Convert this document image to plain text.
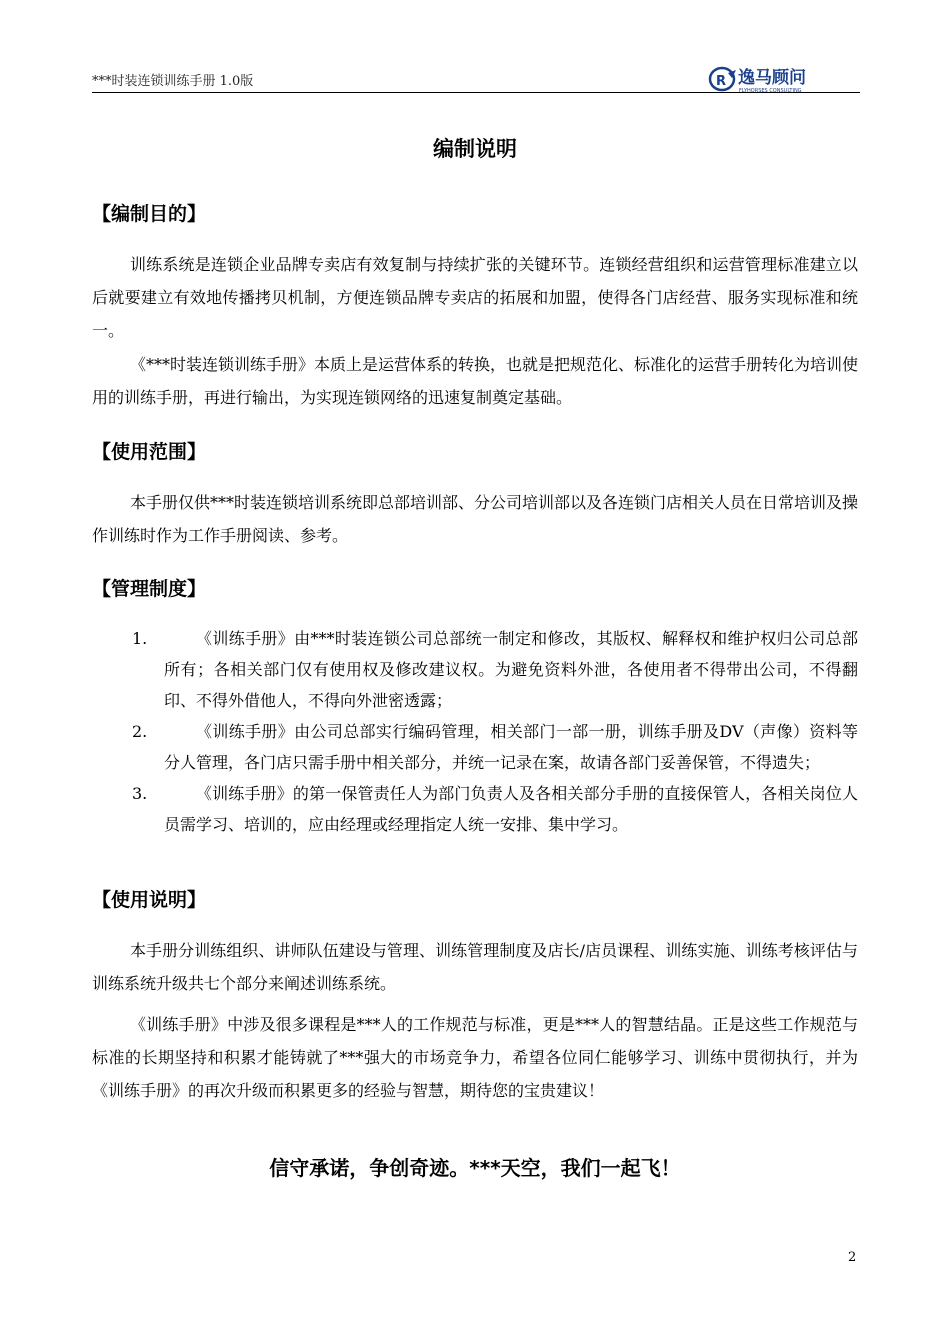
***时装连锁训练手册 1.0版	R 逸马顾问
FLYHORSES CONSULTING
编制说明
【编制目的】
训练系统是连锁企业品牌专卖店有效复制与持续扩张的关键环节。连锁经营组织和运营管理标准建立以后就要建立有效地传播拷贝机制，方便连锁品牌专卖店的拓展和加盟，使得各门店经营、服务实现标准和统一。
《***时装连锁训练手册》本质上是运营体系的转换，也就是把规范化、标准化的运营手册转化为培训使用的训练手册，再进行输出，为实现连锁网络的迅速复制奠定基础。
【使用范围】
本手册仅供***时装连锁培训系统即总部培训部、分公司培训部以及各连锁门店相关人员在日常培训及操作训练时作为工作手册阅读、参考。
【管理制度】
1.	《训练手册》由***时装连锁公司总部统一制定和修改，其版权、解释权和维护权归公司总部所有；各相关部门仅有使用权及修改建议权。为避免资料外泄，各使用者不得带出公司，不得翻印、不得外借他人，不得向外泄密透露；
2.	《训练手册》由公司总部实行编码管理，相关部门一部一册，训练手册及DV（声像）资料等分人管理，各门店只需手册中相关部分，并统一记录在案，故请各部门妥善保管，不得遗失；
3.	《训练手册》的第一保管责任人为部门负责人及各相关部分手册的直接保管人，各相关岗位人员需学习、培训的，应由经理或经理指定人统一安排、集中学习。
【使用说明】
本手册分训练组织、讲师队伍建设与管理、训练管理制度及店长/店员课程、训练实施、训练考核评估与训练系统升级共七个部分来阐述训练系统。
《训练手册》中涉及很多课程是***人的工作规范与标准，更是***人的智慧结晶。正是这些工作规范与标准的长期坚持和积累才能铸就了***强大的市场竞争力，希望各位同仁能够学习、训练中贯彻执行，并为《训练手册》的再次升级而积累更多的经验与智慧，期待您的宝贵建议！
信守承诺，争创奇迹。***天空，我们一起飞！
2
